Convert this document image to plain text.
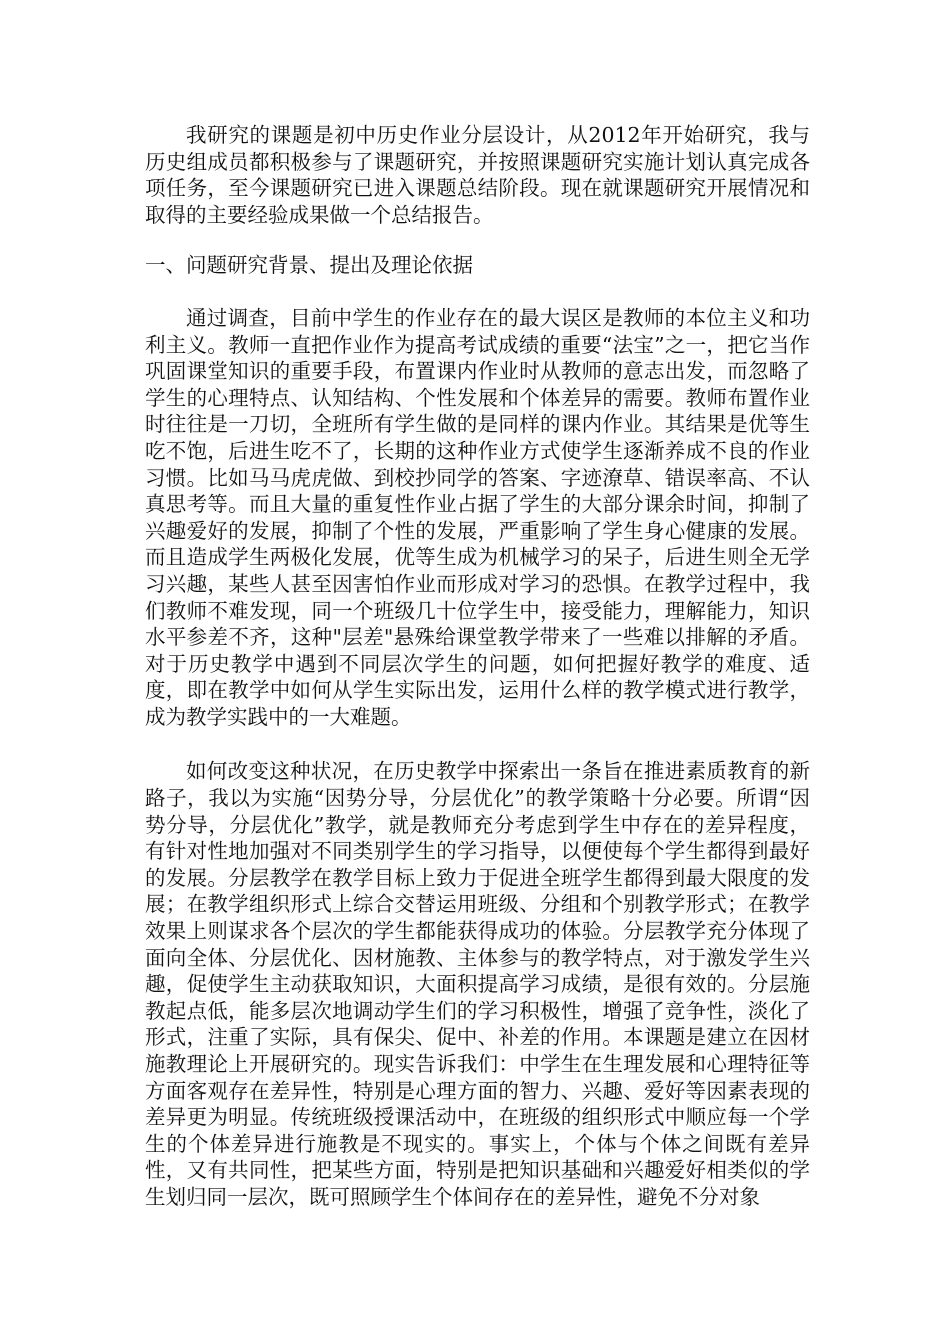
我研究的课题是初中历史作业分层设计，从2012年开始研究，我与历史组成员都积极参与了课题研究，并按照课题研究实施计划认真完成各项任务，至今课题研究已进入课题总结阶段。现在就课题研究开展情况和取得的主要经验成果做一个总结报告。

一、问题研究背景、提出及理论依据

通过调查，目前中学生的作业存在的最大误区是教师的本位主义和功利主义。教师一直把作业作为提高考试成绩的重要“法宝”之一，把它当作巩固课堂知识的重要手段，布置课内作业时从教师的意志出发，而忽略了学生的心理特点、认知结构、个性发展和个体差异的需要。教师布置作业时往往是一刀切，全班所有学生做的是同样的课内作业。其结果是优等生吃不饱，后进生吃不了，长期的这种作业方式使学生逐渐养成不良的作业习惯。比如马马虎虎做、到校抄同学的答案、字迹潦草、错误率高、不认真思考等。而且大量的重复性作业占据了学生的大部分课余时间，抑制了兴趣爱好的发展，抑制了个性的发展，严重影响了学生身心健康的发展。而且造成学生两极化发展，优等生成为机械学习的呆子，后进生则全无学习兴趣，某些人甚至因害怕作业而形成对学习的恐惧。在教学过程中，我们教师不难发现，同一个班级几十位学生中，接受能力，理解能力，知识水平参差不齐，这种"层差"悬殊给课堂教学带来了一些难以排解的矛盾。对于历史教学中遇到不同层次学生的问题，如何把握好教学的难度、适度，即在教学中如何从学生实际出发，运用什么样的教学模式进行教学，成为教学实践中的一大难题。

如何改变这种状况，在历史教学中探索出一条旨在推进素质教育的新路子，我以为实施“因势分导，分层优化”的教学策略十分必要。所谓“因势分导，分层优化”教学，就是教师充分考虑到学生中存在的差异程度，有针对性地加强对不同类别学生的学习指导，以便使每个学生都得到最好的发展。分层教学在教学目标上致力于促进全班学生都得到最大限度的发展；在教学组织形式上综合交替运用班级、分组和个别教学形式；在教学效果上则谋求各个层次的学生都能获得成功的体验。分层教学充分体现了面向全体、分层优化、因材施教、主体参与的教学特点，对于激发学生兴趣，促使学生主动获取知识，大面积提高学习成绩，是很有效的。分层施教起点低，能多层次地调动学生们的学习积极性，增强了竞争性，淡化了形式，注重了实际，具有保尖、促中、补差的作用。本课题是建立在因材施教理论上开展研究的。现实告诉我们：中学生在生理发展和心理特征等方面客观存在差异性，特别是心理方面的智力、兴趣、爱好等因素表现的差异更为明显。传统班级授课活动中，在班级的组织形式中顺应每一个学生的个体差异进行施教是不现实的。事实上，个体与个体之间既有差异性，又有共同性，把某些方面，特别是把知识基础和兴趣爱好相类似的学生划归同一层次，既可照顾学生个体间存在的差异性，避免不分对象
